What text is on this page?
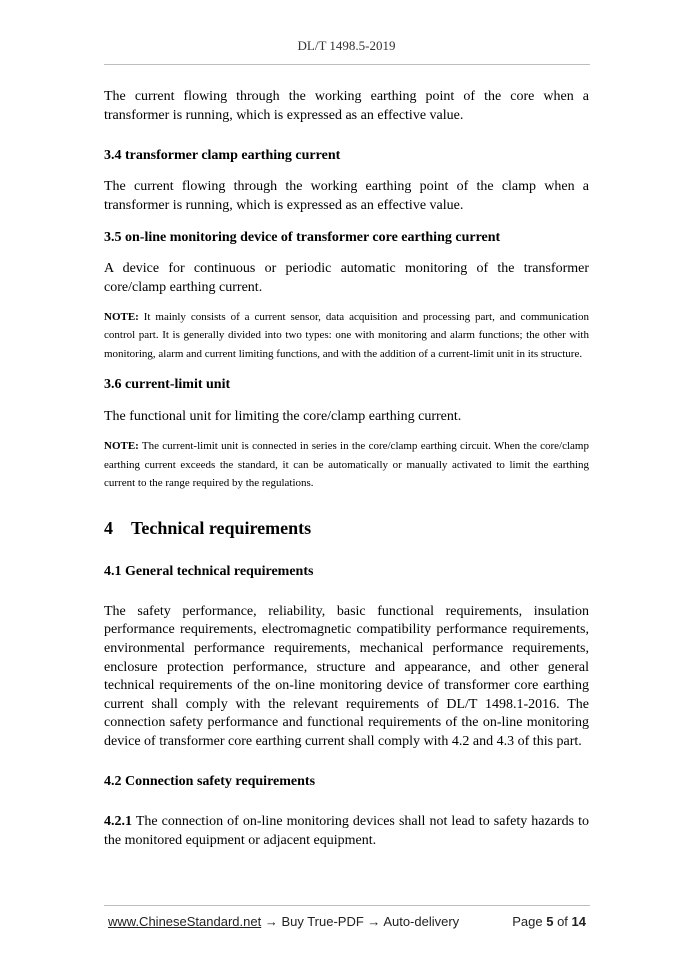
DL/T 1498.5-2019

The current flowing through the working earthing point of the core when a transformer is running, which is expressed as an effective value.

3.4 transformer clamp earthing current

The current flowing through the working earthing point of the clamp when a transformer is running, which is expressed as an effective value.

3.5 on-line monitoring device of transformer core earthing current

A device for continuous or periodic automatic monitoring of the transformer core/clamp earthing current.

NOTE: It mainly consists of a current sensor, data acquisition and processing part, and communication control part. It is generally divided into two types: one with monitoring and alarm functions; the other with monitoring, alarm and current limiting functions, and with the addition of a current-limit unit in its structure.

3.6 current-limit unit

The functional unit for limiting the core/clamp earthing current.

NOTE: The current-limit unit is connected in series in the core/clamp earthing circuit. When the core/clamp earthing current exceeds the standard, it can be automatically or manually activated to limit the earthing current to the range required by the regulations.

4 Technical requirements
4.1 General technical requirements

The safety performance, reliability, basic functional requirements, insulation performance requirements, electromagnetic compatibility performance requirements, environmental performance requirements, mechanical performance requirements, enclosure protection performance, structure and appearance, and other general technical requirements of the on-line monitoring device of transformer core earthing current shall comply with the relevant requirements of DL/T 1498.1-2016. The connection safety performance and functional requirements of the on-line monitoring device of transformer core earthing current shall comply with 4.2 and 4.3 of this part.

4.2 Connection safety requirements

4.2.1 The connection of on-line monitoring devices shall not lead to safety hazards to the monitored equipment or adjacent equipment.

www.ChineseStandard.net → Buy True-PDF → Auto-delivery	Page 5 of 14
